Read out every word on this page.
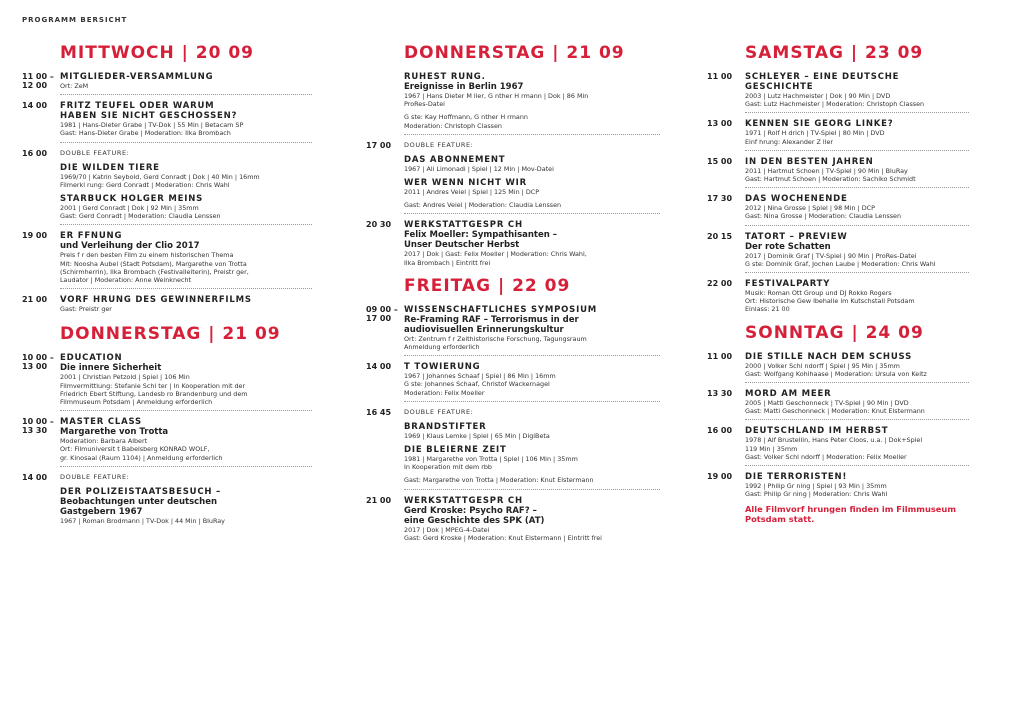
PROGRAMM BERSICHT
MITTWOCH | 20 09
11 00 –
12 00
MITGLIEDER-VERSAMMLUNG
Ort: ZeM
14 00	FRITZ TEUFEL ODER WARUM
HABEN SIE NICHT GESCHOSSEN?
1981 | Hans-Dieter Grabe | TV-Dok | 55 Min | Betacam SP
Gast: Hans-Dieter Grabe | Moderation: Ilka Brombach
16 00	DOUBLE FEATURE:
DIE WILDEN TIERE
1969/70 | Katrin Seybold, Gerd Conradt | Dok | 40 Min | 16mm
Filmerkl rung: Gerd Conradt | Moderation: Chris Wahl
STARBUCK HOLGER MEINS
2001 | Gerd Conradt | Dok | 92 Min | 35mm
Gast: Gerd Conradt | Moderation: Claudia Lenssen
19 00	ER FFNUNG
und Verleihung der Clio 2017
Preis f r den besten Film zu einem historischen Thema
Mit: Noosha Aubel (Stadt Potsdam), Margarethe von Trotta
(Schirmherrin), Ilka Brombach (Festivalleiterin), Preistr ger,
Laudator | Moderation: Anne Weinknecht
21 00	VORF HRUNG DES GEWINNERFILMS
Gast: Preistr ger
DONNERSTAG | 21 09
10 00 –
13 00
EDUCATION
Die innere Sicherheit
2001 | Christian Petzold | Spiel | 106 Min
Filmvermittlung: Stefanie Schl ter | In Kooperation mit der
Friedrich Ebert Stiftung, Landesb ro Brandenburg und dem
Filmmuseum Potsdam | Anmeldung erforderlich
10 00 –
13 30
MASTER CLASS
Margarethe von Trotta
Moderation: Barbara Albert
Ort: Filmuniversit t Babelsberg KONRAD WOLF,
gr. Kinosaal (Raum 1104) | Anmeldung erforderlich
14 00	DOUBLE FEATURE:
DER POLIZEISTAATSBESUCH –
Beobachtungen unter deutschen
Gastgebern 1967
1967 | Roman Brodmann | TV-Dok | 44 Min | BluRay
DONNERSTAG | 21 09
RUHEST RUNG.
Ereignisse in Berlin 1967
1967 | Hans Dieter M ller, G nther H rmann | Dok | 86 Min
ProRes-Datei
G ste: Kay Hoffmann, G nther H rmann
Moderation: Christoph Classen
17 00	DOUBLE FEATURE:
DAS ABONNEMENT
1967 | Ali Limonadi | Spiel | 12 Min | Mov-Datei
WER WENN NICHT WIR
2011 | Andres Veiel | Spiel | 125 Min | DCP
Gast: Andres Veiel | Moderation: Claudia Lenssen
20 30	WERKSTATTGESPR CH
Felix Moeller: Sympathisanten –
Unser Deutscher Herbst
2017 | Dok | Gast: Felix Moeller | Moderation: Chris Wahl,
Ilka Brombach | Eintritt frei
FREITAG | 22 09
09 00 –
17 00
WISSENSCHAFTLICHES SYMPOSIUM
Re-Framing RAF – Terrorismus in der
audiovisuellen Erinnerungskultur
Ort: Zentrum f r Zeithistorische Forschung, Tagungsraum
Anmeldung erforderlich
14 00	T TOWIERUNG
1967 | Johannes Schaaf | Spiel | 86 Min | 16mm
G ste: Johannes Schaaf, Christof Wackernagel
Moderation: Felix Moeller
16 45	DOUBLE FEATURE:
BRANDSTIFTER
1969 | Klaus Lemke | Spiel | 65 Min | DigiBeta
DIE BLEIERNE ZEIT
1981 | Margarethe von Trotta | Spiel | 106 Min | 35mm
In Kooperation mit dem rbb
Gast: Margarethe von Trotta | Moderation: Knut Elstermann
21 00	WERKSTATTGESPR CH
Gerd Kroske: Psycho RAF? –
eine Geschichte des SPK (AT)
2017 | Dok | MPEG-4-Datei
Gast: Gerd Kroske | Moderation: Knut Elstermann | Eintritt frei
SAMSTAG | 23 09
11 00	SCHLEYER – EINE DEUTSCHE GESCHICHTE
2003 | Lutz Hachmeister | Dok | 90 Min | DVD
Gast: Lutz Hachmeister | Moderation: Christoph Classen
13 00	KENNEN SIE GEORG LINKE?
1971 | Rolf H drich | TV-Spiel | 80 Min | DVD
Einf hrung: Alexander Z ller
15 00	IN DEN BESTEN JAHREN
2011 | Hartmut Schoen | TV-Spiel | 90 Min | BluRay
Gast: Hartmut Schoen | Moderation: Sachiko Schmidt
17 30	DAS WOCHENENDE
2012 | Nina Grosse | Spiel | 98 Min | DCP
Gast: Nina Grosse | Moderation: Claudia Lenssen
20 15	TATORT – PREVIEW
Der rote Schatten
2017 | Dominik Graf | TV-Spiel | 90 Min | ProRes-Datei
G ste: Dominik Graf, Jochen Laube | Moderation: Chris Wahl
22 00	FESTIVALPARTY
Musik: Roman Ott Group und DJ Rokko Rogers
Ort: Historische Gew lbehalle im Kutschstall Potsdam
Einlass: 21 00
SONNTAG | 24 09
11 00	DIE STILLE NACH DEM SCHUSS
2000 | Volker Schl ndorff | Spiel | 95 Min | 35mm
Gast: Wolfgang Kohlhaase | Moderation: Ursula von Keitz
13 30	MORD AM MEER
2005 | Matti Geschonneck | TV-Spiel | 90 Min | DVD
Gast: Matti Geschonneck | Moderation: Knut Elstermann
16 00	DEUTSCHLAND IM HERBST
1978 | Alf Brustellin, Hans Peter Cloos, u.a. | Dok+Spiel
119 Min | 35mm
Gast: Volker Schl ndorff | Moderation: Felix Moeller
19 00	DIE TERRORISTEN!
1992 | Philip Gr ning | Spiel | 93 Min | 35mm
Gast: Philip Gr ning | Moderation: Chris Wahl
Alle Filmvorf hrungen finden im Filmmuseum
Potsdam statt.
